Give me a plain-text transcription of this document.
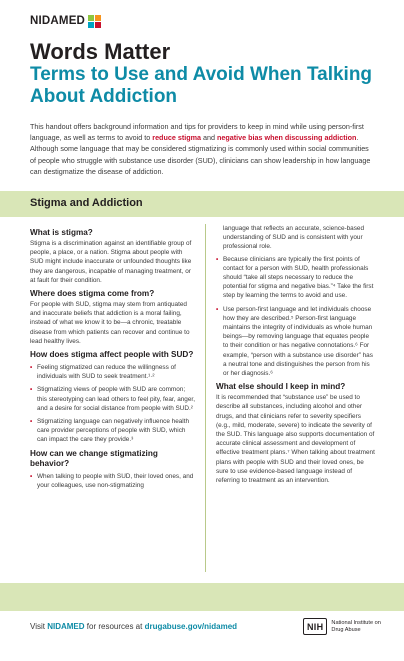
NIDAMED
Words Matter
Terms to Use and Avoid When Talking About Addiction

This handout offers background information and tips for providers to keep in mind while using person-first language, as well as terms to avoid to reduce stigma and negative bias when discussing addiction. Although some language that may be considered stigmatizing is commonly used within social communities of people who struggle with substance use disorder (SUD), clinicians can show leadership in how language can destigmatize the disease of addiction.

Stigma and Addiction
What is stigma?

Stigma is a discrimination against an identifiable group of people, a place, or a nation. Stigma about people with SUD might include inaccurate or unfounded thoughts like they are dangerous, incapable of managing treatment, or at fault for their condition.

Where does stigma come from?

For people with SUD, stigma may stem from antiquated and inaccurate beliefs that addiction is a moral failing, instead of what we know it to be—a chronic, treatable disease from which patients can recover and continue to lead healthy lives.

How does stigma affect people with SUD?
• Feeling stigmatized can reduce the willingness of individuals with SUD to seek treatment.¹·²
• Stigmatizing views of people with SUD are common; this stereotyping can lead others to feel pity, fear, anger, and a desire for social distance from people with SUD.²
• Stigmatizing language can negatively influence health care provider perceptions of people with SUD, which can impact the care they provide.³
How can we change stigmatizing behavior?
• When talking to people with SUD, their loved ones, and your colleagues, use non-stigmatizing

language that reflects an accurate, science-based understanding of SUD and is consistent with your professional role.

• Because clinicians are typically the first points of contact for a person with SUD, health professionals should “take all steps necessary to reduce the potential for stigma and negative bias.”⁴ Take the first step by learning the terms to avoid and use.
• Use person-first language and let individuals choose how they are described.⁵ Person-first language maintains the integrity of individuals as whole human beings—by removing language that equates people to their condition or has negative connotations.⁶ For example, “person with a substance use disorder” has a neutral tone and distinguishes the person from his or her diagnosis.⁶
What else should I keep in mind?

It is recommended that “substance use” be used to describe all substances, including alcohol and other drugs, and that clinicians refer to severity specifiers (e.g., mild, moderate, severe) to indicate the severity of the SUD. This language also supports documentation of accurate clinical assessment and development of effective treatment plans.⁷ When talking about treatment plans with people with SUD and their loved ones, be sure to use evidence-based language instead of referring to treatment as an intervention.

Visit NIDAMED for resources at drugabuse.gov/nidamed	NIH National Institute on Drug Abuse
